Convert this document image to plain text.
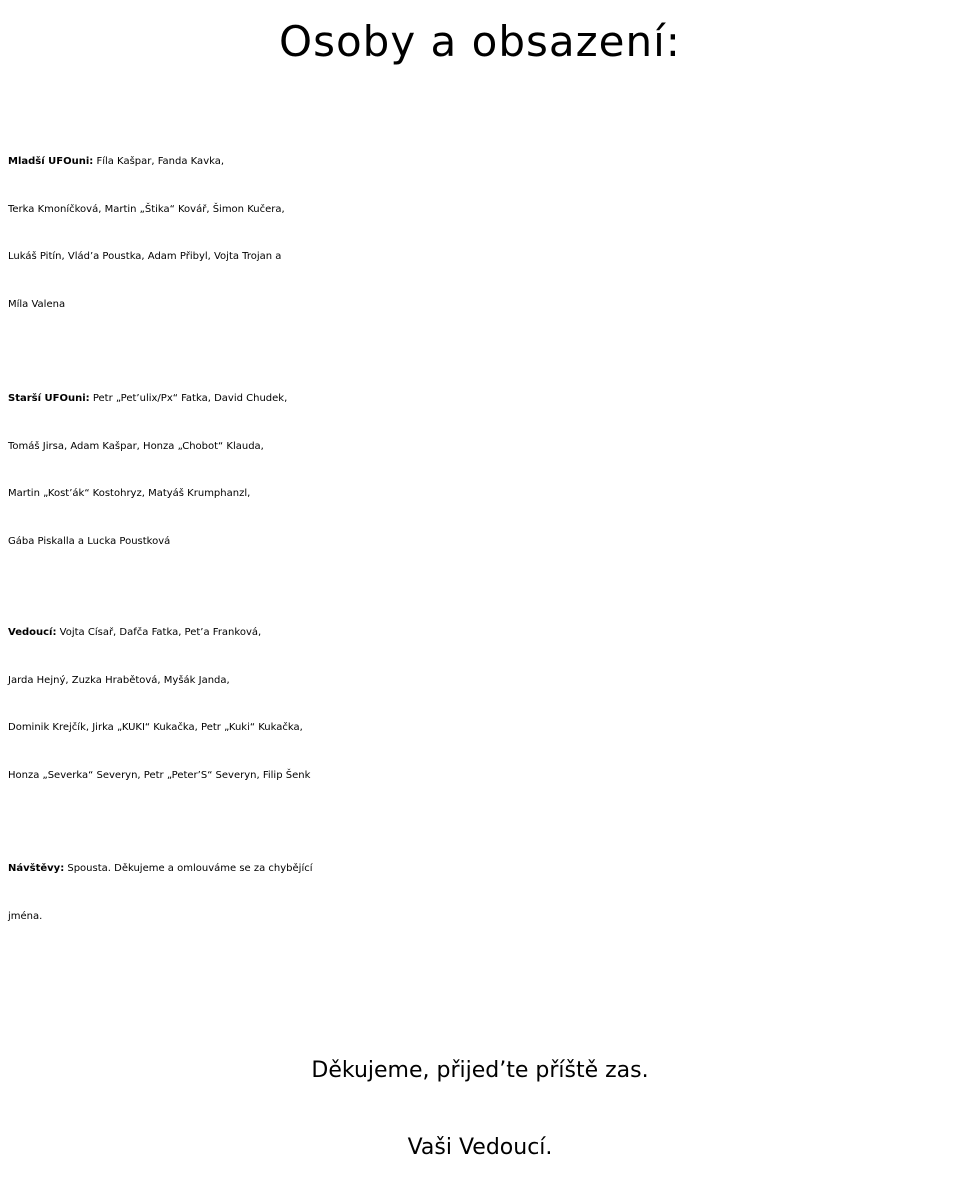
Osoby a obsazení:
Mladší UFOuni: Fíla Kašpar, Fanda Kavka,
Terka Kmoníčková, Martin „Štika“ Kovář, Šimon Kučera,
Lukáš Pitín, Vlád’a Poustka, Adam Přibyl, Vojta Trojan a
Míla Valena
Starší UFOuni: Petr „Pet’ulix/Px“ Fatka, David Chudek,
Tomáš Jirsa, Adam Kašpar, Honza „Chobot“ Klauda,
Martin „Kost’ák“ Kostohryz, Matyáš Krumphanzl,
Gába Piskalla a Lucka Poustková
Vedoucí: Vojta Císař, Dafča Fatka, Pet’a Franková,
Jarda Hejný, Zuzka Hrabětová, Myšák Janda,
Dominik Krejčík, Jirka „KUKI“ Kukačka, Petr „Kuki“ Kukačka,
Honza „Severka“ Severyn, Petr „Peter’S“ Severyn, Filip Šenk
Návštěvy: Spousta. Děkujeme a omlouváme se za chybějící
jména.

Děkujeme, přijed’te příště zas.

Vaši Vedoucí.
